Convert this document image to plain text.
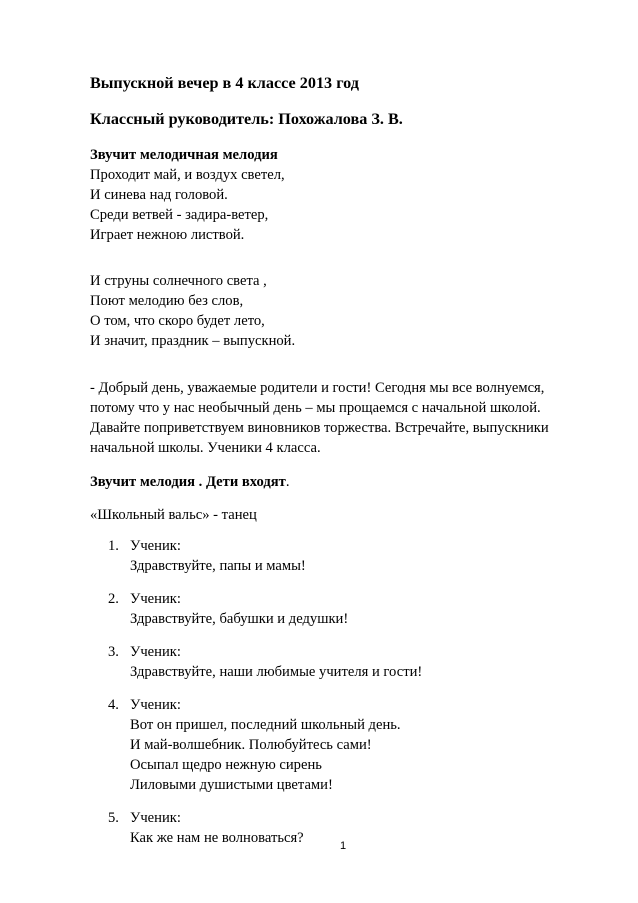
Выпускной вечер в 4 классе 2013 год
Классный руководитель: Похожалова З. В.
Звучит мелодичная мелодия
Проходит май, и воздух светел,
И синева над головой.
Среди ветвей - задира-ветер,
Играет нежною листвой.
И струны солнечного света ,
Поют мелодию без слов,
О том, что скоро будет лето,
И значит, праздник – выпускной.
- Добрый день, уважаемые родители и гости! Сегодня мы все волнуемся,
потому что у нас необычный день – мы прощаемся с начальной школой.
Давайте поприветствуем виновников торжества. Встречайте, выпускники
начальной школы. Ученики 4 класса.
Звучит мелодия . Дети входят.
«Школьный вальс» - танец
1. Ученик:
Здравствуйте, папы и мамы!
2. Ученик:
Здравствуйте, бабушки и дедушки!
3. Ученик:
Здравствуйте, наши любимые учителя и гости!
4. Ученик:
Вот он пришел, последний школьный день.
И май-волшебник. Полюбуйтесь сами!
Осыпал щедро нежную сирень
Лиловыми душистыми цветами!
5. Ученик:
Как же нам не волноваться?	1
